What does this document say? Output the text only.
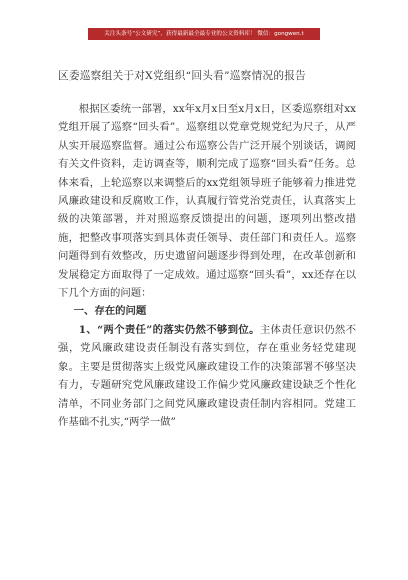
关注头条号“公文研究”，获得最新最全最专业的公文资料库！ 微信：gongwen.t
区委巡察组关于对X党组织“回头看”巡察情况的报告

根据区委统一部署，xx年x月x日至x月x日，区委巡察组对xx党组开展了巡察“回头看”。巡察组以党章党规党纪为尺子，从严从实开展巡察监督。通过公布巡察公告广泛开展个别谈话，调阅有关文件资料，走访调查等，顺利完成了巡察“回头看”任务。总体来看，上轮巡察以来调整后的xx党组领导班子能够着力推进党风廉政建设和反腐败工作，认真履行管党治党责任，认真落实上级的决策部署，并对照巡察反馈提出的问题，逐项列出整改措施，把整改事项落实到具体责任领导、责任部门和责任人。巡察问题得到有效整改，历史遗留问题逐步得到处理，在改革创新和发展稳定方面取得了一定成效。通过巡察“回头看”，xx还存在以下几个方面的问题：

一、存在的问题

1、“两个责任”的落实仍然不够到位。主体责任意识仍然不强，党风廉政建设责任制没有落实到位，存在重业务轻党建现象。主要是贯彻落实上级党风廉政建设工作的决策部署不够坚决有力，专题研究党风廉政建设工作偏少党风廉政建设缺乏个性化清单，不同业务部门之间党风廉政建设责任制内容相同。党建工作基础不扎实,“两学一做”
